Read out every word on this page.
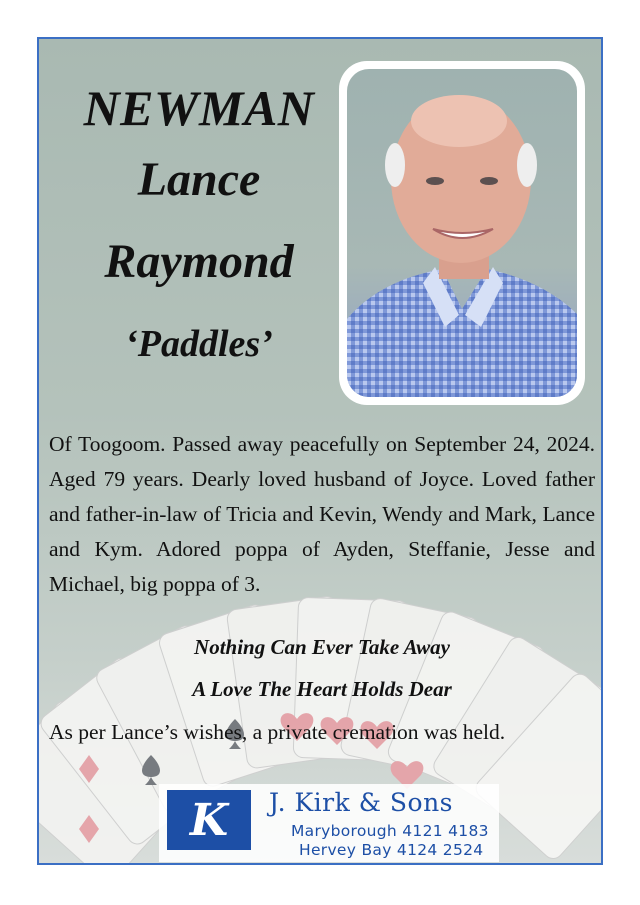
NEWMAN
Lance
Raymond
‘Paddles’
Of Toogoom. Passed away peacefully on September 24, 2024. Aged 79 years. Dearly loved husband of Joyce. Loved father and father-in-law of Tricia and Kevin, Wendy and Mark, Lance and Kym. Adored poppa of Ayden, Steffanie, Jesse and Michael, big poppa of 3.
Nothing Can Ever Take Away
A Love The Heart Holds Dear
As per Lance’s wishes, a private cremation was held.
K J. Kirk & Sons
Maryborough 4121 4183
Hervey Bay 4124 2524
